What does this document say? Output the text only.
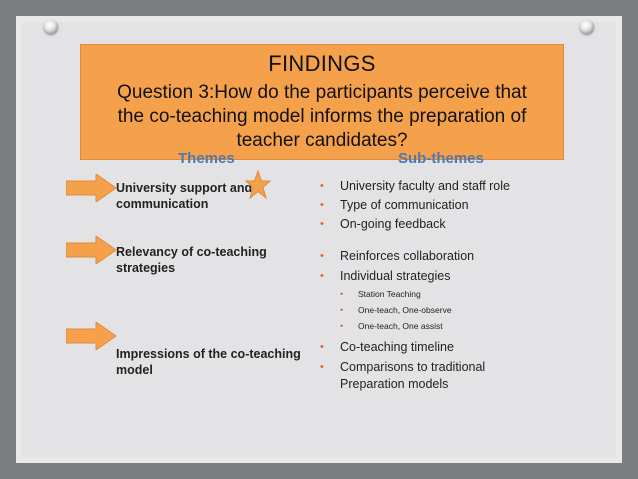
FINDINGS
Question 3:How do the participants perceive that
the co-teaching model informs the preparation of
teacher candidates?
Themes	Sub-themes
University support and
communication
Relevancy of co-teaching
strategies
Impressions of the co-teaching
model
• University faculty and staff role
• Type of communication
• On-going feedback
• Reinforces collaboration
• Individual strategies
• Station Teaching
• One-teach, One-observe
• One-teach, One assist
• Co-teaching timeline
• Comparisons to traditional
Preparation models
